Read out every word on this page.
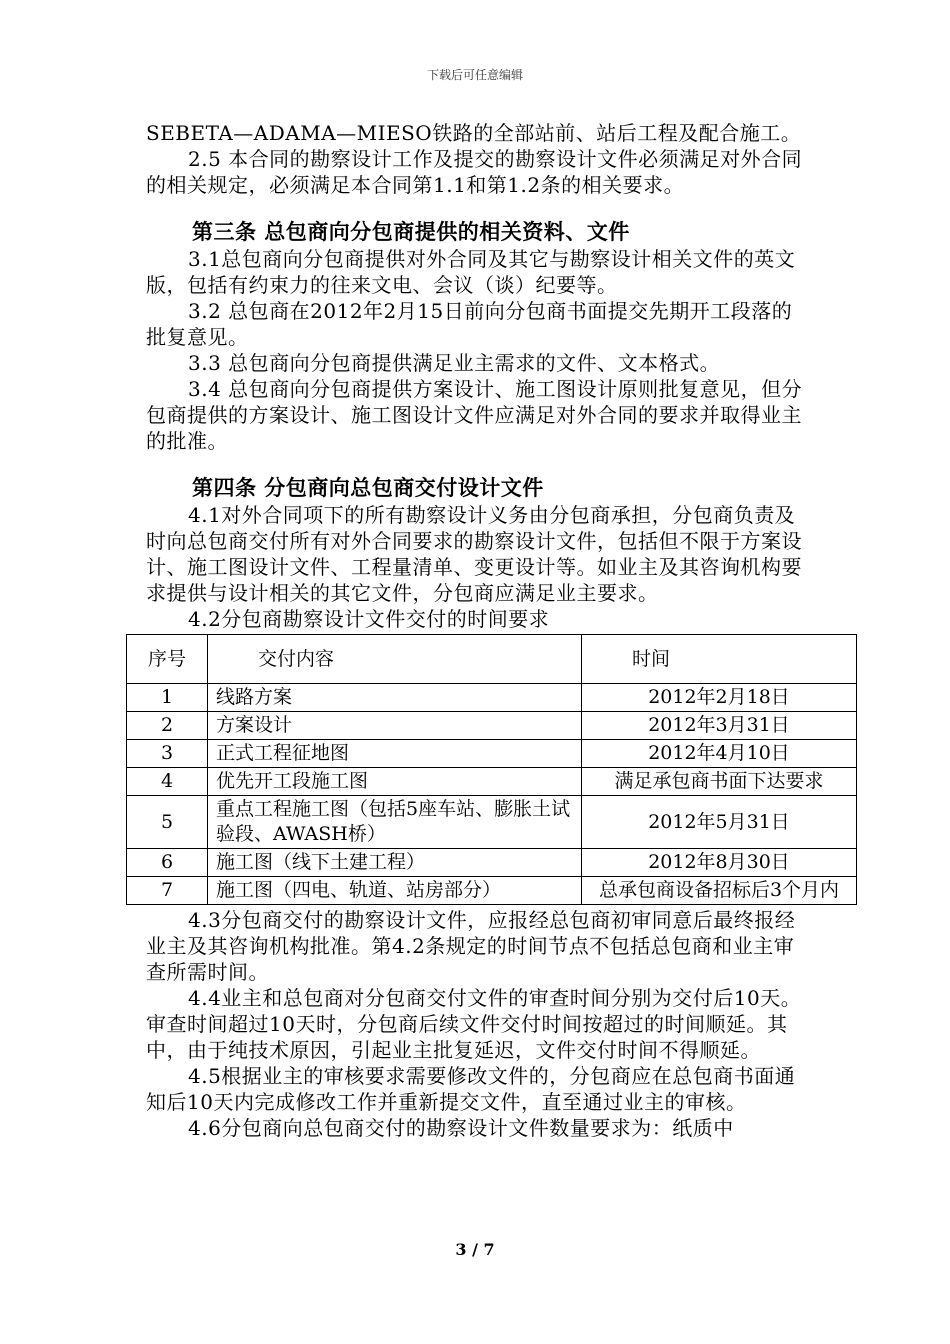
下载后可任意编辑

SEBETA—ADAMA—MIESO铁路的全部站前、站后工程及配合施工。

2.5 本合同的勘察设计工作及提交的勘察设计文件必须满足对外合同的相关规定，必须满足本合同第1.1和第1.2条的相关要求。

第三条 总包商向分包商提供的相关资料、文件

3.1总包商向分包商提供对外合同及其它与勘察设计相关文件的英文版，包括有约束力的往来文电、会议（谈）纪要等。

3.2 总包商在2012年2月15日前向分包商书面提交先期开工段落的批复意见。

3.3 总包商向分包商提供满足业主需求的文件、文本格式。

3.4 总包商向分包商提供方案设计、施工图设计原则批复意见，但分包商提供的方案设计、施工图设计文件应满足对外合同的要求并取得业主的批准。

第四条 分包商向总包商交付设计文件

4.1对外合同项下的所有勘察设计义务由分包商承担，分包商负责及时向总包商交付所有对外合同要求的勘察设计文件，包括但不限于方案设计、施工图设计文件、工程量清单、变更设计等。如业主及其咨询机构要求提供与设计相关的其它文件，分包商应满足业主要求。

4.2分包商勘察设计文件交付的时间要求

序号	交付内容	时间
1	线路方案	2012年2月18日
2	方案设计	2012年3月31日
3	正式工程征地图	2012年4月10日
4	优先开工段施工图	满足承包商书面下达要求
5	重点工程施工图（包括5座车站、膨胀土试验段、AWASH桥）	2012年5月31日
6	施工图（线下土建工程）	2012年8月30日
7	施工图（四电、轨道、站房部分）	总承包商设备招标后3个月内

4.3分包商交付的勘察设计文件，应报经总包商初审同意后最终报经业主及其咨询机构批准。第4.2条规定的时间节点不包括总包商和业主审查所需时间。

4.4业主和总包商对分包商交付文件的审查时间分别为交付后10天。审查时间超过10天时，分包商后续文件交付时间按超过的时间顺延。其中，由于纯技术原因，引起业主批复延迟，文件交付时间不得顺延。

4.5根据业主的审核要求需要修改文件的，分包商应在总包商书面通知后10天内完成修改工作并重新提交文件，直至通过业主的审核。

4.6分包商向总包商交付的勘察设计文件数量要求为：纸质中

3 / 7
